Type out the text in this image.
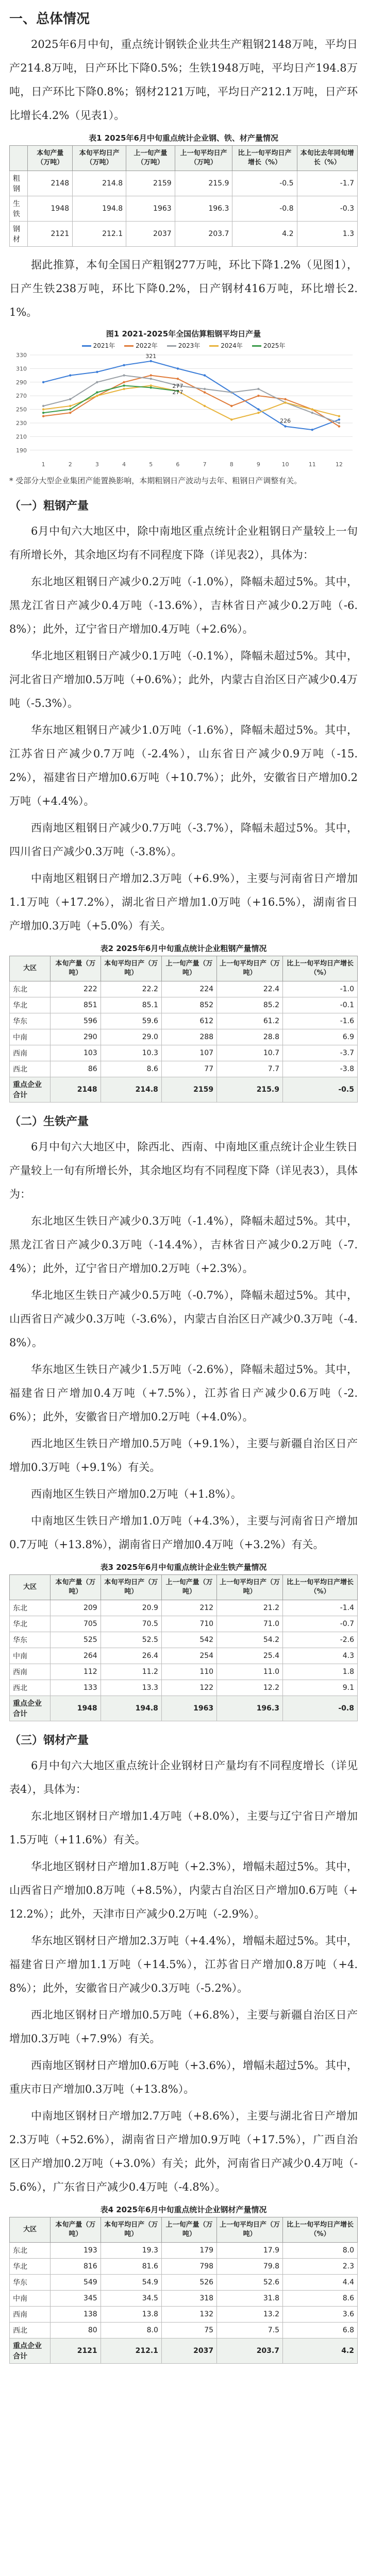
一、总体情况

2025年6月中旬，重点统计钢铁企业共生产粗钢2148万吨，平均日产214.8万吨，日产环比下降0.5%；生铁1948万吨，平均日产194.8万吨，日产环比下降0.8%；钢材2121万吨，平均日产212.1万吨，日产环比增长4.2%（见表1）。

表1 2025年6月中旬重点统计企业钢、铁、材产量情况
	本旬产量（万吨）	本旬平均日产（万吨）	上一旬产量（万吨）	上一旬平均日产（万吨）	比上一旬平均日产增长（%）	本旬比去年同旬增长（%）
粗钢	2148	214.8	2159	215.9	-0.5	-1.7
生铁	1948	194.8	1963	196.3	-0.8	-0.3
钢材	2121	212.1	2037	203.7	4.2	1.3

据此推算，本旬全国日产粗钢277万吨，环比下降1.2%（见图1），日产生铁238万吨，环比下降0.2%，日产钢材416万吨，环比增长2.1%。

图1 2021-2025年全国估算粗钢平均日产量
2021年	2022年	2023年	2024年	2025年
330
310
290
270
250
230
210
190
1	2	3	4	5	6	7	8	9	10	11	12
321
277
226
277
* 受部分大型企业集团产能置换影响，本期粗钢日产波动与去年、粗钢日产调整有关。
（一）粗钢产量

6月中旬六大地区中，除中南地区重点统计企业粗钢日产量较上一旬有所增长外，其余地区均有不同程度下降（详见表2），具体为：

东北地区粗钢日产减少0.2万吨（-1.0%），降幅未超过5%。其中，黑龙江省日产减少0.4万吨（-13.6%），吉林省日产减少0.2万吨（-6.8%）；此外，辽宁省日产增加0.4万吨（+2.6%）。

华北地区粗钢日产减少0.1万吨（-0.1%），降幅未超过5%。其中，河北省日产增加0.5万吨（+0.6%）；此外，内蒙古自治区日产减少0.4万吨（-5.3%）。

华东地区粗钢日产减少1.0万吨（-1.6%），降幅未超过5%。其中，江苏省日产减少0.7万吨（-2.4%），山东省日产减少0.9万吨（-15.2%），福建省日产增加0.6万吨（+10.7%）；此外，安徽省日产增加0.2万吨（+4.4%）。

西南地区粗钢日产减少0.7万吨（-3.7%），降幅未超过5%。其中，四川省日产减少0.3万吨（-3.8%）。

中南地区粗钢日产增加2.3万吨（+6.9%），主要与河南省日产增加1.1万吨（+17.2%），湖北省日产增加1.0万吨（+16.5%），湖南省日产增加0.3万吨（+5.0%）有关。

表2 2025年6月中旬重点统计企业粗钢产量情况
大区	本旬产量（万吨）	本旬平均日产（万吨）	上一旬产量（万吨）	上一旬平均日产（万吨）	比上一旬平均日产增长（%）
东北	222	22.2	224	22.4	-1.0
华北	851	85.1	852	85.2	-0.1
华东	596	59.6	612	61.2	-1.6
中南	290	29.0	288	28.8	6.9
西南	103	10.3	107	10.7	-3.7
西北	86	8.6	77	7.7	-3.8
重点企业合计	2148	214.8	2159	215.9	-0.5
（二）生铁产量

6月中旬六大地区中，除西北、西南、中南地区重点统计企业生铁日产量较上一旬有所增长外，其余地区均有不同程度下降（详见表3），具体为：

东北地区生铁日产减少0.3万吨（-1.4%），降幅未超过5%。其中，黑龙江省日产减少0.3万吨（-14.4%），吉林省日产减少0.2万吨（-7.4%）；此外，辽宁省日产增加0.2万吨（+2.3%）。

华北地区生铁日产减少0.5万吨（-0.7%），降幅未超过5%。其中，山西省日产减少0.3万吨（-3.6%），内蒙古自治区日产减少0.3万吨（-4.8%）。

华东地区生铁日产减少1.5万吨（-2.6%），降幅未超过5%。其中，福建省日产增加0.4万吨（+7.5%），江苏省日产减少0.6万吨（-2.6%）；此外，安徽省日产增加0.2万吨（+4.0%）。

西北地区生铁日产增加0.5万吨（+9.1%），主要与新疆自治区日产增加0.3万吨（+9.1%）有关。

西南地区生铁日产增加0.2万吨（+1.8%）。

中南地区生铁日产增加1.0万吨（+4.3%），主要与河南省日产增加0.7万吨（+13.8%），湖南省日产增加0.4万吨（+3.2%）有关。

表3 2025年6月中旬重点统计企业生铁产量情况
大区	本旬产量（万吨）	本旬平均日产（万吨）	上一旬产量（万吨）	上一旬平均日产（万吨）	比上一旬平均日产增长（%）
东北	209	20.9	212	21.2	-1.4
华北	705	70.5	710	71.0	-0.7
华东	525	52.5	542	54.2	-2.6
中南	264	26.4	254	25.4	4.3
西南	112	11.2	110	11.0	1.8
西北	133	13.3	122	12.2	9.1
重点企业合计	1948	194.8	1963	196.3	-0.8
（三）钢材产量

6月中旬六大地区重点统计企业钢材日产量均有不同程度增长（详见表4），具体为：

东北地区钢材日产增加1.4万吨（+8.0%），主要与辽宁省日产增加1.5万吨（+11.6%）有关。

华北地区钢材日产增加1.8万吨（+2.3%），增幅未超过5%。其中，山西省日产增加0.8万吨（+8.5%），内蒙古自治区日产增加0.6万吨（+12.2%）；此外，天津市日产减少0.2万吨（-2.9%）。

华东地区钢材日产增加2.3万吨（+4.4%），增幅未超过5%。其中，福建省日产增加1.1万吨（+14.5%），江苏省日产增加0.8万吨（+4.8%）；此外，安徽省日产减少0.3万吨（-5.2%）。

西北地区钢材日产增加0.5万吨（+6.8%），主要与新疆自治区日产增加0.3万吨（+7.9%）有关。

西南地区钢材日产增加0.6万吨（+3.6%），增幅未超过5%。其中，重庆市日产增加0.3万吨（+13.8%）。

中南地区钢材日产增加2.7万吨（+8.6%），主要与湖北省日产增加2.3万吨（+52.6%），湖南省日产增加0.9万吨（+17.5%），广西自治区日产增加0.2万吨（+3.0%）有关；此外，河南省日产减少0.4万吨（-5.6%），广东省日产减少0.4万吨（-4.8%）。

表4 2025年6月中旬重点统计企业钢材产量情况
大区	本旬产量（万吨）	本旬平均日产（万吨）	上一旬产量（万吨）	上一旬平均日产（万吨）	比上一旬平均日产增长（%）
东北	193	19.3	179	17.9	8.0
华北	816	81.6	798	79.8	2.3
华东	549	54.9	526	52.6	4.4
中南	345	34.5	318	31.8	8.6
西南	138	13.8	132	13.2	3.6
西北	80	8.0	75	7.5	6.8
重点企业合计	2121	212.1	2037	203.7	4.2
